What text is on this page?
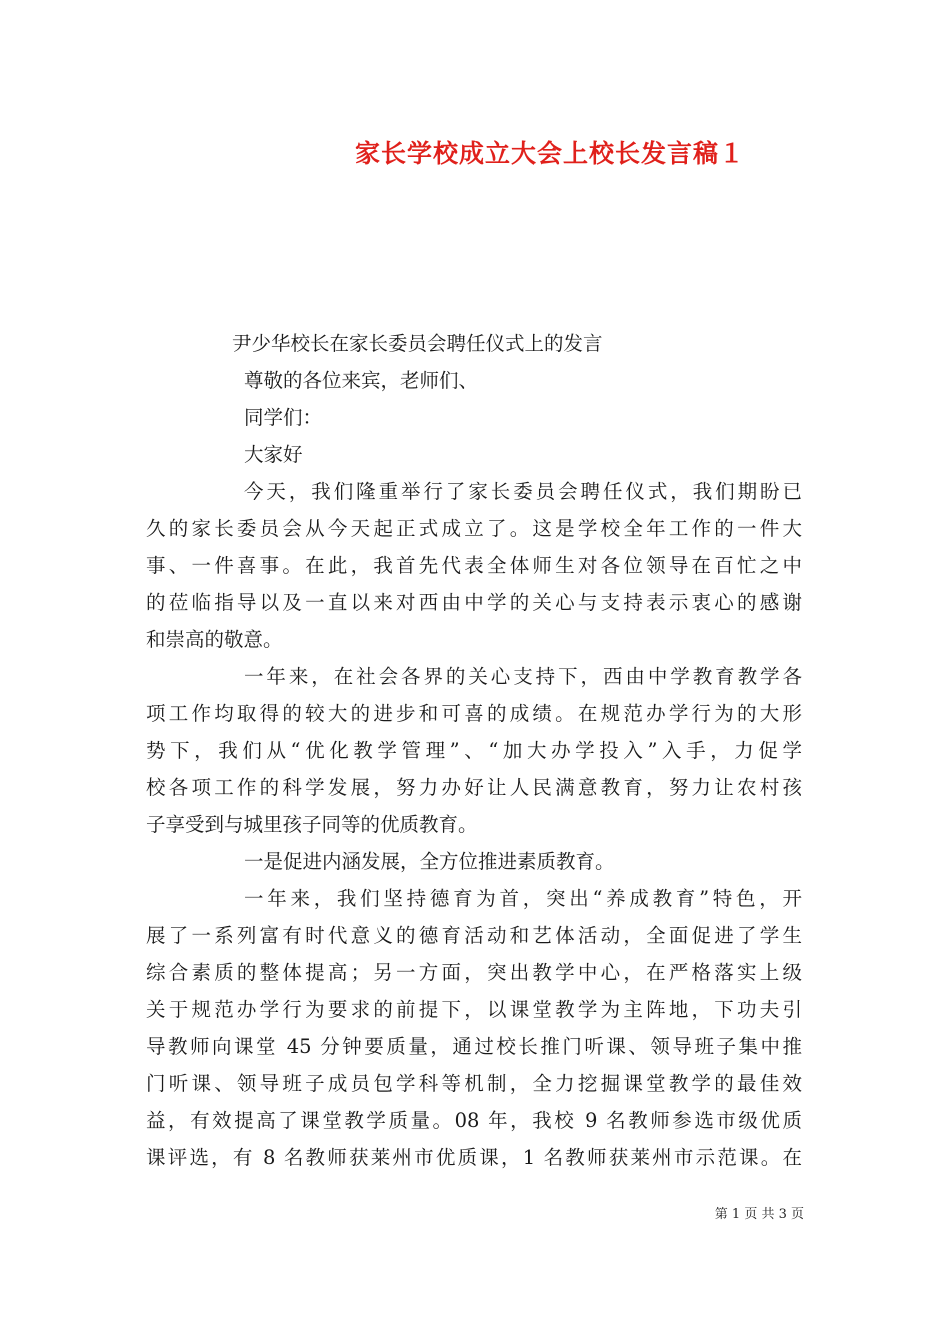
家长学校成立大会上校长发言稿１
尹少华校长在家长委员会聘任仪式上的发言
尊敬的各位来宾，老师们、
同学们：
大家好
今天，我们隆重举行了家长委员会聘任仪式，我们期盼已
久的家长委员会从今天起正式成立了。这是学校全年工作的一件大
事、一件喜事。在此，我首先代表全体师生对各位领导在百忙之中
的莅临指导以及一直以来对西由中学的关心与支持表示衷心的感谢
和崇高的敬意。
一年来，在社会各界的关心支持下，西由中学教育教学各
项工作均取得的较大的进步和可喜的成绩。在规范办学行为的大形
势下，我们从“优化教学管理”、“加大办学投入”入手，力促学
校各项工作的科学发展，努力办好让人民满意教育，努力让农村孩
子享受到与城里孩子同等的优质教育。
一是促进内涵发展，全方位推进素质教育。
一年来，我们坚持德育为首，突出“养成教育”特色，开
展了一系列富有时代意义的德育活动和艺体活动，全面促进了学生
综合素质的整体提高；另一方面，突出教学中心，在严格落实上级
关于规范办学行为要求的前提下，以课堂教学为主阵地，下功夫引
导教师向课堂 45 分钟要质量，通过校长推门听课、领导班子集中推
门听课、领导班子成员包学科等机制，全力挖掘课堂教学的最佳效
益，有效提高了课堂教学质量。08 年，我校 9 名教师参选市级优质
课评选，有 8 名教师获莱州市优质课，1 名教师获莱州市示范课。在
第 1 页 共 3 页
